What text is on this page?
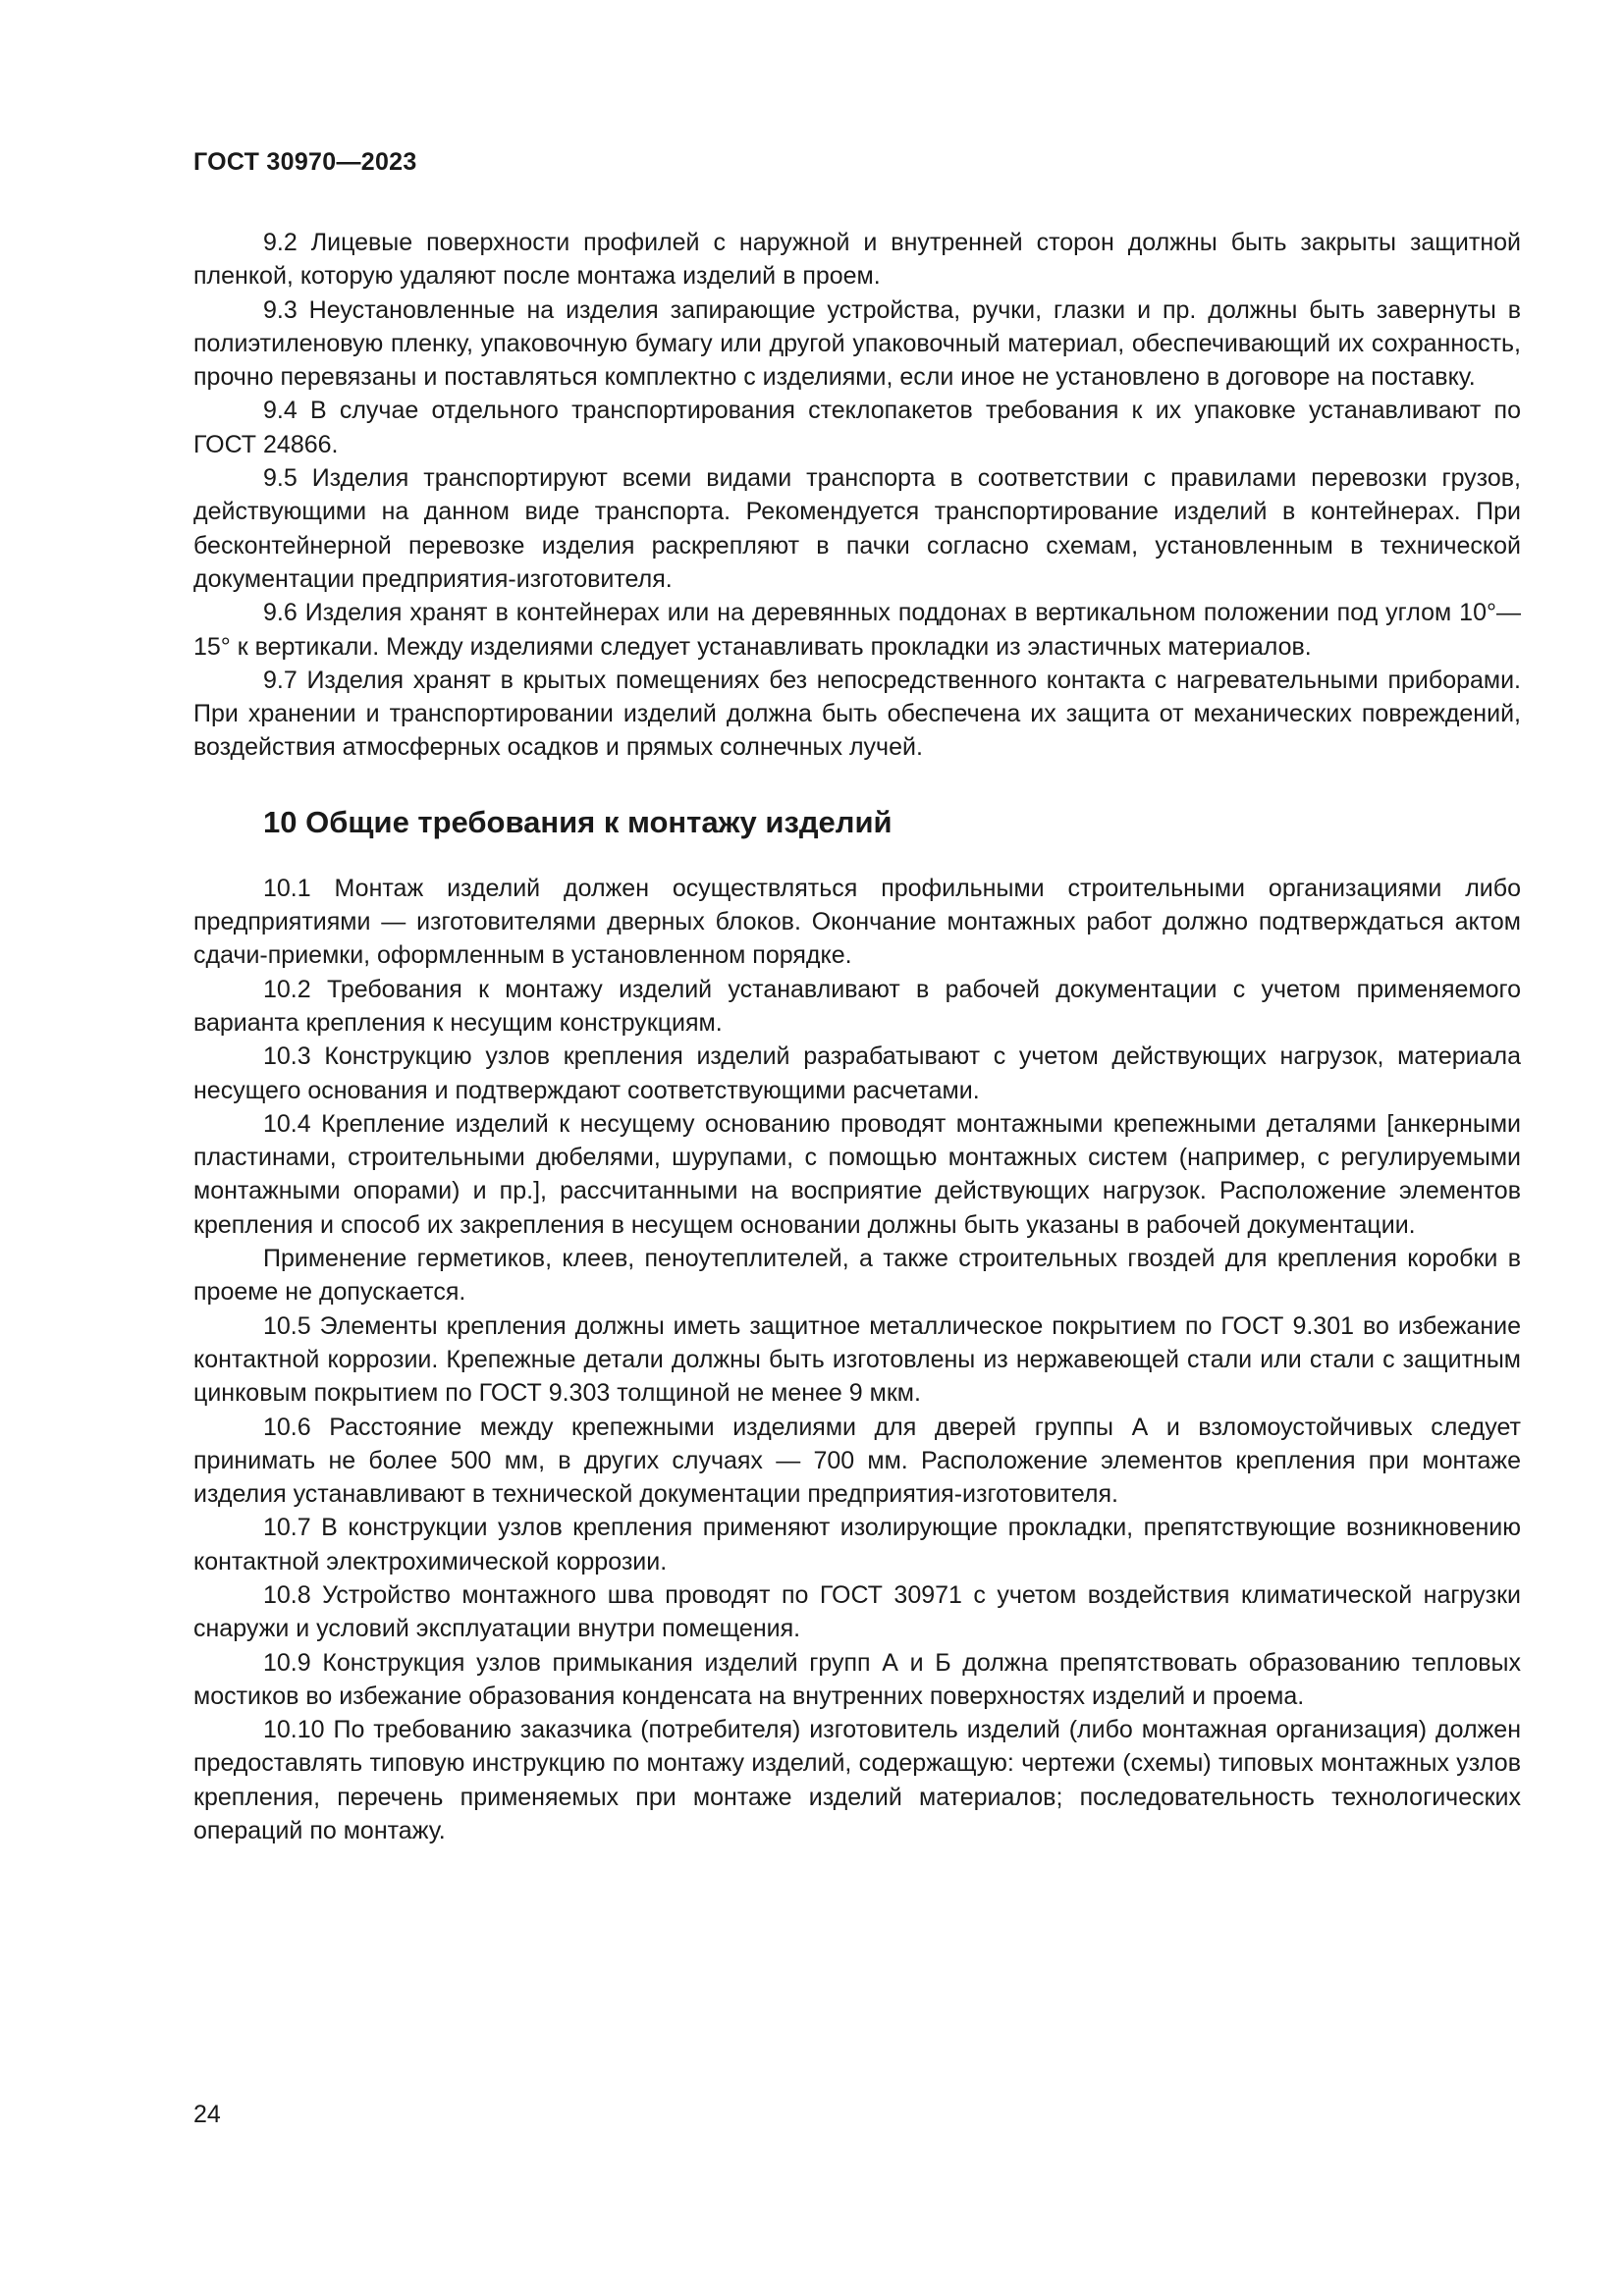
ГОСТ 30970—2023

9.2 Лицевые поверхности профилей с наружной и внутренней сторон должны быть закрыты защитной пленкой, которую удаляют после монтажа изделий в проем.

9.3 Неустановленные на изделия запирающие устройства, ручки, глазки и пр. должны быть завернуты в полиэтиленовую пленку, упаковочную бумагу или другой упаковочный материал, обеспечивающий их сохранность, прочно перевязаны и поставляться комплектно с изделиями, если иное не установлено в договоре на поставку.

9.4 В случае отдельного транспортирования стеклопакетов требования к их упаковке устанавливают по ГОСТ 24866.

9.5 Изделия транспортируют всеми видами транспорта в соответствии с правилами перевозки грузов, действующими на данном виде транспорта. Рекомендуется транспортирование изделий в контейнерах. При бесконтейнерной перевозке изделия раскрепляют в пачки согласно схемам, установленным в технической документации предприятия-изготовителя.

9.6 Изделия хранят в контейнерах или на деревянных поддонах в вертикальном положении под углом 10°—15° к вертикали. Между изделиями следует устанавливать прокладки из эластичных материалов.

9.7 Изделия хранят в крытых помещениях без непосредственного контакта с нагревательными приборами. При хранении и транспортировании изделий должна быть обеспечена их защита от механических повреждений, воздействия атмосферных осадков и прямых солнечных лучей.

10 Общие требования к монтажу изделий

10.1 Монтаж изделий должен осуществляться профильными строительными организациями либо предприятиями — изготовителями дверных блоков. Окончание монтажных работ должно подтверждаться актом сдачи-приемки, оформленным в установленном порядке.

10.2 Требования к монтажу изделий устанавливают в рабочей документации с учетом применяемого варианта крепления к несущим конструкциям.

10.3 Конструкцию узлов крепления изделий разрабатывают с учетом действующих нагрузок, материала несущего основания и подтверждают соответствующими расчетами.

10.4 Крепление изделий к несущему основанию проводят монтажными крепежными деталями [анкерными пластинами, строительными дюбелями, шурупами, с помощью монтажных систем (например, с регулируемыми монтажными опорами) и пр.], рассчитанными на восприятие действующих нагрузок. Расположение элементов крепления и способ их закрепления в несущем основании должны быть указаны в рабочей документации.

Применение герметиков, клеев, пеноутеплителей, а также строительных гвоздей для крепления коробки в проеме не допускается.

10.5 Элементы крепления должны иметь защитное металлическое покрытием по ГОСТ 9.301 во избежание контактной коррозии. Крепежные детали должны быть изготовлены из нержавеющей стали или стали с защитным цинковым покрытием по ГОСТ 9.303 толщиной не менее 9 мкм.

10.6 Расстояние между крепежными изделиями для дверей группы А и взломоустойчивых следует принимать не более 500 мм, в других случаях — 700 мм. Расположение элементов крепления при монтаже изделия устанавливают в технической документации предприятия-изготовителя.

10.7 В конструкции узлов крепления применяют изолирующие прокладки, препятствующие возникновению контактной электрохимической коррозии.

10.8 Устройство монтажного шва проводят по ГОСТ 30971 с учетом воздействия климатической нагрузки снаружи и условий эксплуатации внутри помещения.

10.9 Конструкция узлов примыкания изделий групп А и Б должна препятствовать образованию тепловых мостиков во избежание образования конденсата на внутренних поверхностях изделий и проема.

10.10 По требованию заказчика (потребителя) изготовитель изделий (либо монтажная организация) должен предоставлять типовую инструкцию по монтажу изделий, содержащую: чертежи (схемы) типовых монтажных узлов крепления, перечень применяемых при монтаже изделий материалов; последовательность технологических операций по монтажу.

24
